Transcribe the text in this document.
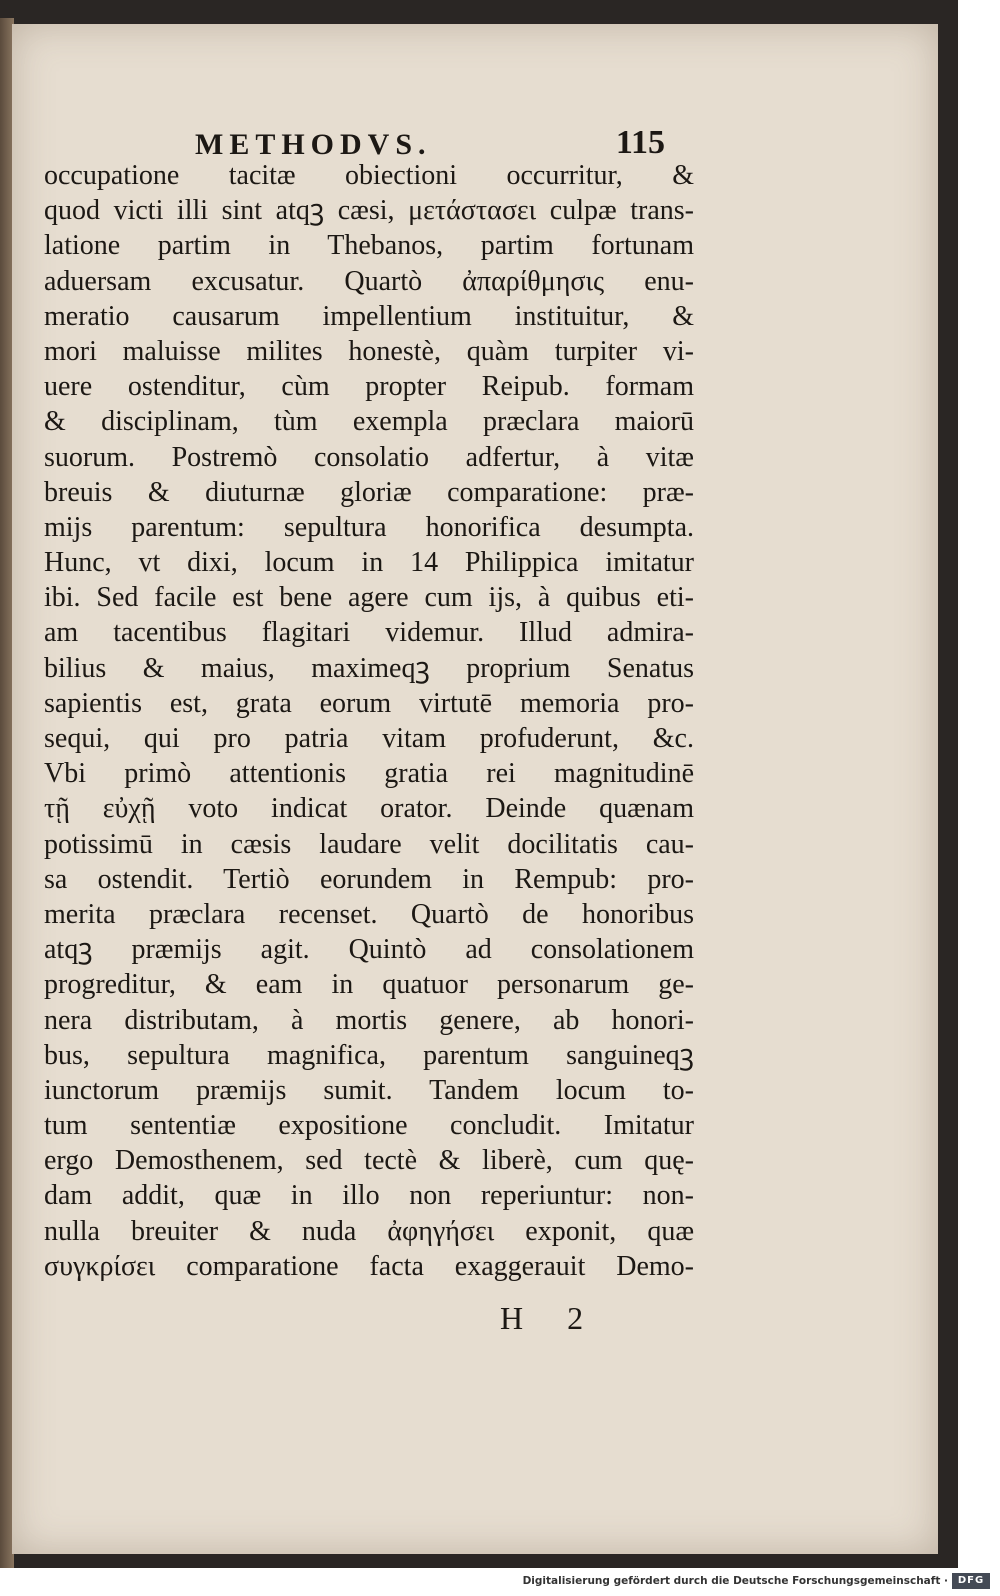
METHODVS.	115
occupatione tacitæ obiectioni occurritur, &
quod victi illi sint atqꝫ cæsi, μετάστασει culpæ trans-
latione partim in Thebanos, partim fortunam
aduersam excusatur. Quartò ἀπαρίθμησις enu-
meratio causarum impellentium instituitur, &
mori maluisse milites honestè, quàm turpiter vi-
uere ostenditur, cùm propter Reipub. formam
& disciplinam, tùm exempla præclara maiorū
suorum. Postremò consolatio adfertur, à vitæ
breuis & diuturnæ gloriæ comparatione: præ-
mijs parentum: sepultura honorifica desumpta.
Hunc, vt dixi, locum in 14 Philippica imitatur
ibi. Sed facile est bene agere cum ijs, à quibus eti-
am tacentibus flagitari videmur. Illud admira-
bilius & maius, maximeqꝫ proprium Senatus
sapientis est, grata eorum virtutē memoria pro-
sequi, qui pro patria vitam profuderunt, &c.
Vbi primò attentionis gratia rei magnitudinē
τῇ εὐχῇ voto indicat orator. Deinde quænam
potissimū in cæsis laudare velit docilitatis cau-
sa ostendit. Tertiò eorundem in Rempub: pro-
merita præclara recenset. Quartò de honoribus
atqꝫ præmijs agit. Quintò ad consolationem
progreditur, & eam in quatuor personarum ge-
nera distributam, à mortis genere, ab honori-
bus, sepultura magnifica, parentum sanguineqꝫ
iunctorum præmijs sumit. Tandem locum to-
tum sententiæ expositione concludit. Imitatur
ergo Demosthenem, sed tectè & liberè, cum quę-
dam addit, quæ in illo non reperiuntur: non-
nulla breuiter & nuda ἀφηγήσει exponit, quæ
συγκρίσει comparatione facta exaggerauit Demo-
H 2
Digitalisierung gefördert durch die Deutsche Forschungsgemeinschaft · DFG
